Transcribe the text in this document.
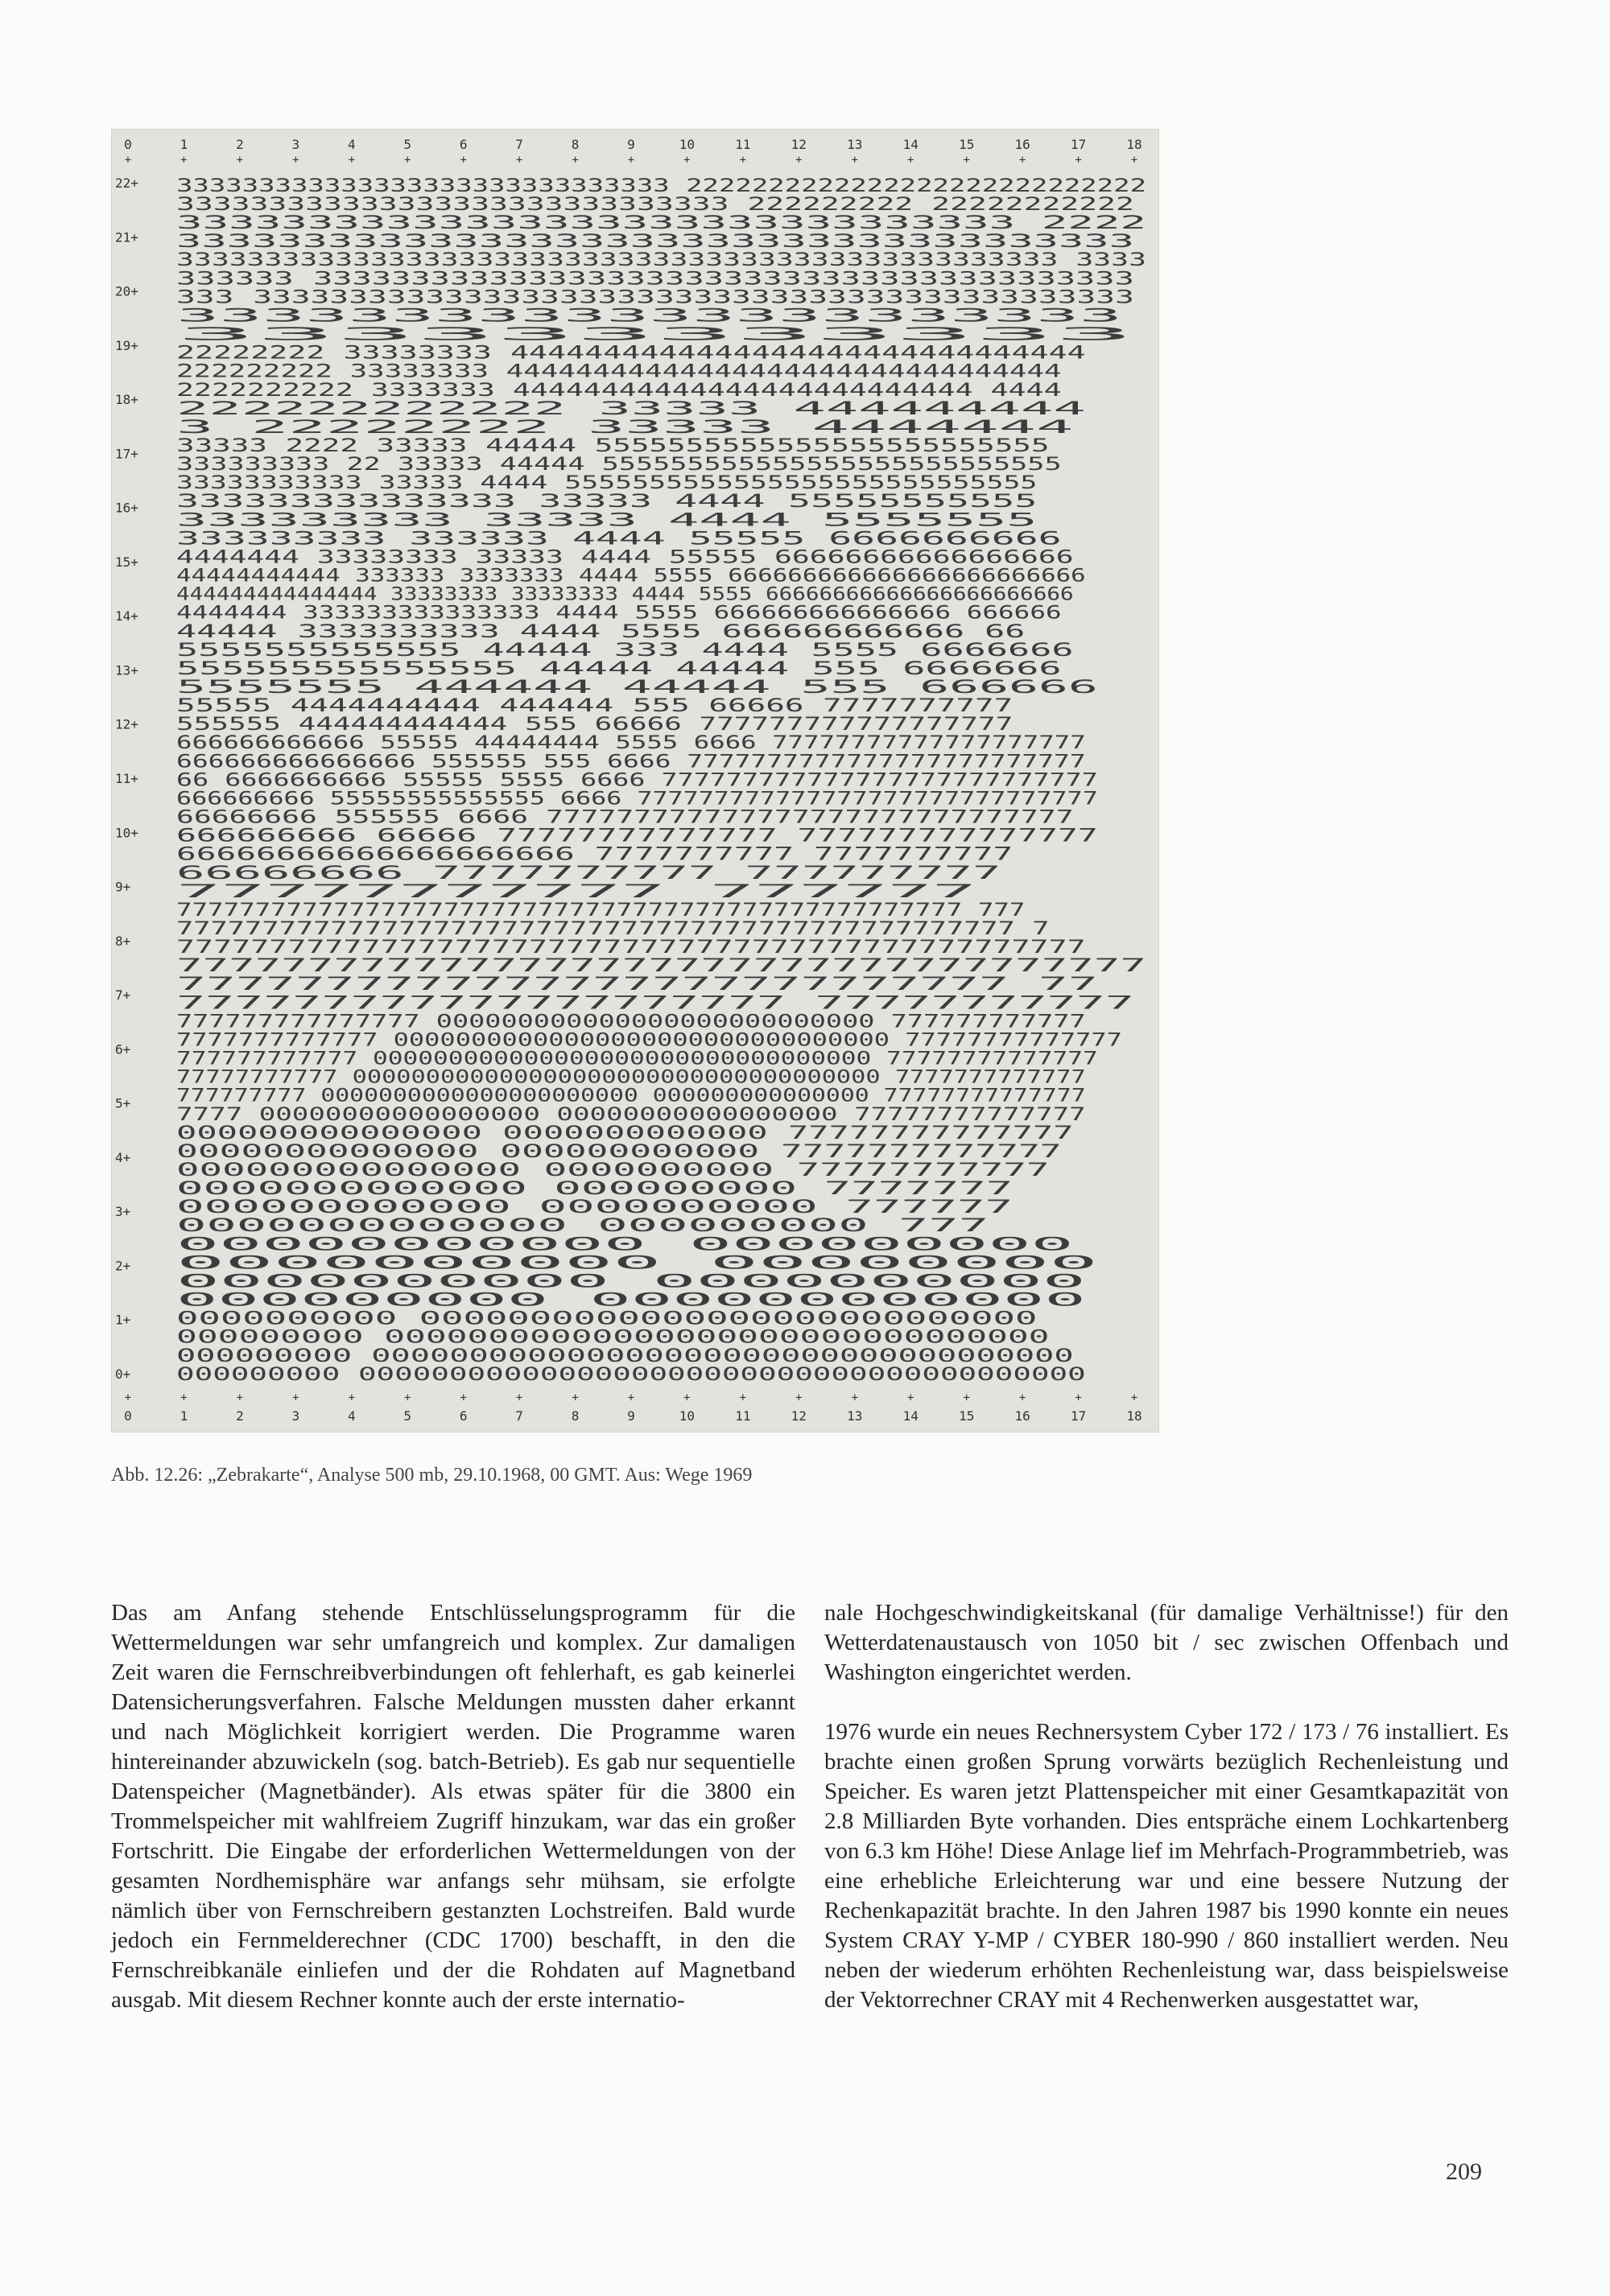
333333333333333333333333333333 2222222222222222222222222222
333333333333333333333333333333 222222222 22222222222
33333333333333333333333333333333 2222
33333333333333333333333333333333333333
33333333333333333333333333333333333333333333333333 3333
333333 333333333333333333333333333333333333333333
333 3333333333333333333333333333333333333333333333
3333333333333333333333
333333333333
22222222 33333333 4444444444444444444444444444444
222222222 33333333 44444444444444444444444444444444
2222222222 3333333 44444444444444444444444444 4444
222222222222 33333 444444444
3 22222222 33333 4444444
33333 2222 33333 44444 5555555555555555555555555
333333333 22 33333 44444 555555555555555555555555555
33333333333 33333 4444 5555555555555555555555555555
333333333333333 33333 4444 55555555555
333333333 33333 4444 5555555
333333333 333333 4444 55555 6666666666
4444444 33333333 33333 4444 55555 66666666666666666
44444444444 333333 3333333 4444 5555 666666666666666666666666
444444444444444 33333333 33333333 4444 5555 66666666666666666666666
4444444 333333333333333 4444 5555 666666666666666 666666
44444 3333333333 4444 5555 666666666666 66
5555555555555 44444 333 4444 5555 6666666
555555555555555 44444 44444 555 6666666
5555555 444444 44444 555 666666
55555 4444444444 444444 555 66666 7777777777
555555 444444444444 555 66666 777777777777777777
666666666666 55555 44444444 5555 6666 77777777777777777777
666666666666666 555555 555 6666 7777777777777777777777777
66 6666666666 55555 5555 6666 777777777777777777777777777
666666666 55555555555555 6666 777777777777777777777777777777
66666666 555555 6666 777777777777777777777777777777
666666666 66666 77777777777777 777777777777777
66666666666666666666 7777777777 7777777777
66666666 7777777777 777777777
77777777777 777777
77777777777777777777777777777777777777777777777777 777
7777777777777777777777777777777777777777777777777 7
7777777777777777777777777777777777777777777777777
7777777777777777777777777777777777777
7777777777777777777777777777 77
777777777777777777777 77777777777
777777777777777 000000000000000000000000000 777777777777
7777777777777 00000000000000000000000000000000 77777777777777
777777777777 000000000000000000000000000000000 77777777777777
77777777777 000000000000000000000000000000000000 7777777777777
777777777 0000000000000000000000 000000000000000 77777777777777
7777 00000000000000000 00000000000000000 77777777777777
000000000000000 0000000000000 77777777777777
00000000000000 000000000000 7777777777777
000000000000000 0000000000 77777777777
0000000000000 000000000 7777777
000000000000 0000000000 777777
0000000000000 000000000 777
00000000000 000000000
0000000000 00000000
0000000000 0000000000
000000000 000000000000
0000000000 0000000000000000000000000000
000000000 00000000000000000000000000000000
000000000 000000000000000000000000000000000000
000000000 0000000000000000000000000000000000000000
0
+
+
0
1
+
+
1
2
+
+
2
3
+
+
3
4
+
+
4
5
+
+
5
6
+
+
6
7
+
+
7
8
+
+
8
9
+
+
9
10
+
+
10
11
+
+
11
12
+
+
12
13
+
+
13
14
+
+
14
15
+
+
15
16
+
+
16
17
+
+
17
18
+
+
18
22+
21+
20+
19+
18+
17+
16+
15+
14+
13+
12+
11+
10+
9+
8+
7+
6+
5+
4+
3+
2+
1+
0+
Abb. 12.26: „Zebrakarte“, Analyse 500 mb, 29.10.1968, 00 GMT. Aus: Wege 1969

Das am Anfang stehende Entschlüsselungsprogramm für die Wettermeldungen war sehr umfangreich und komplex. Zur damaligen Zeit waren die Fernschreibverbindungen oft fehlerhaft, es gab keinerlei Datensicherungsverfahren. Falsche Meldungen mussten daher erkannt und nach Möglichkeit korrigiert werden. Die Programme waren hintereinander abzuwickeln (sog. batch-Betrieb). Es gab nur sequentielle Datenspeicher (Magnetbänder). Als etwas später für die 3800 ein Trommelspeicher mit wahlfreiem Zugriff hinzukam, war das ein großer Fortschritt. Die Eingabe der erforderlichen Wettermeldungen von der gesamten Nordhemisphäre war anfangs sehr mühsam, sie erfolgte nämlich über von Fernschreibern gestanzten Lochstreifen. Bald wurde jedoch ein Fernmelderechner (CDC 1700) beschafft, in den die Fernschreibkanäle einliefen und der die Rohdaten auf Magnetband ausgab. Mit diesem Rechner konnte auch der erste internatio-

nale Hochgeschwindigkeitskanal (für damalige Verhältnisse!) für den Wetterdatenaustausch von 1050 bit / sec zwischen Offenbach und Washington eingerichtet werden.

1976 wurde ein neues Rechnersystem Cyber 172 / 173 / 76 installiert. Es brachte einen großen Sprung vorwärts bezüglich Rechenleistung und Speicher. Es waren jetzt Plattenspeicher mit einer Gesamtkapazität von 2.8 Milliarden Byte vorhanden. Dies entspräche einem Lochkartenberg von 6.3 km Höhe! Diese Anlage lief im Mehrfach-Programmbetrieb, was eine erhebliche Erleichterung war und eine bessere Nutzung der Rechenkapazität brachte. In den Jahren 1987 bis 1990 konnte ein neues System CRAY Y-MP / CYBER 180-990 / 860 installiert werden. Neu neben der wiederum erhöhten Rechenleistung war, dass beispielsweise der Vektorrechner CRAY mit 4 Rechenwerken ausgestattet war,

209
